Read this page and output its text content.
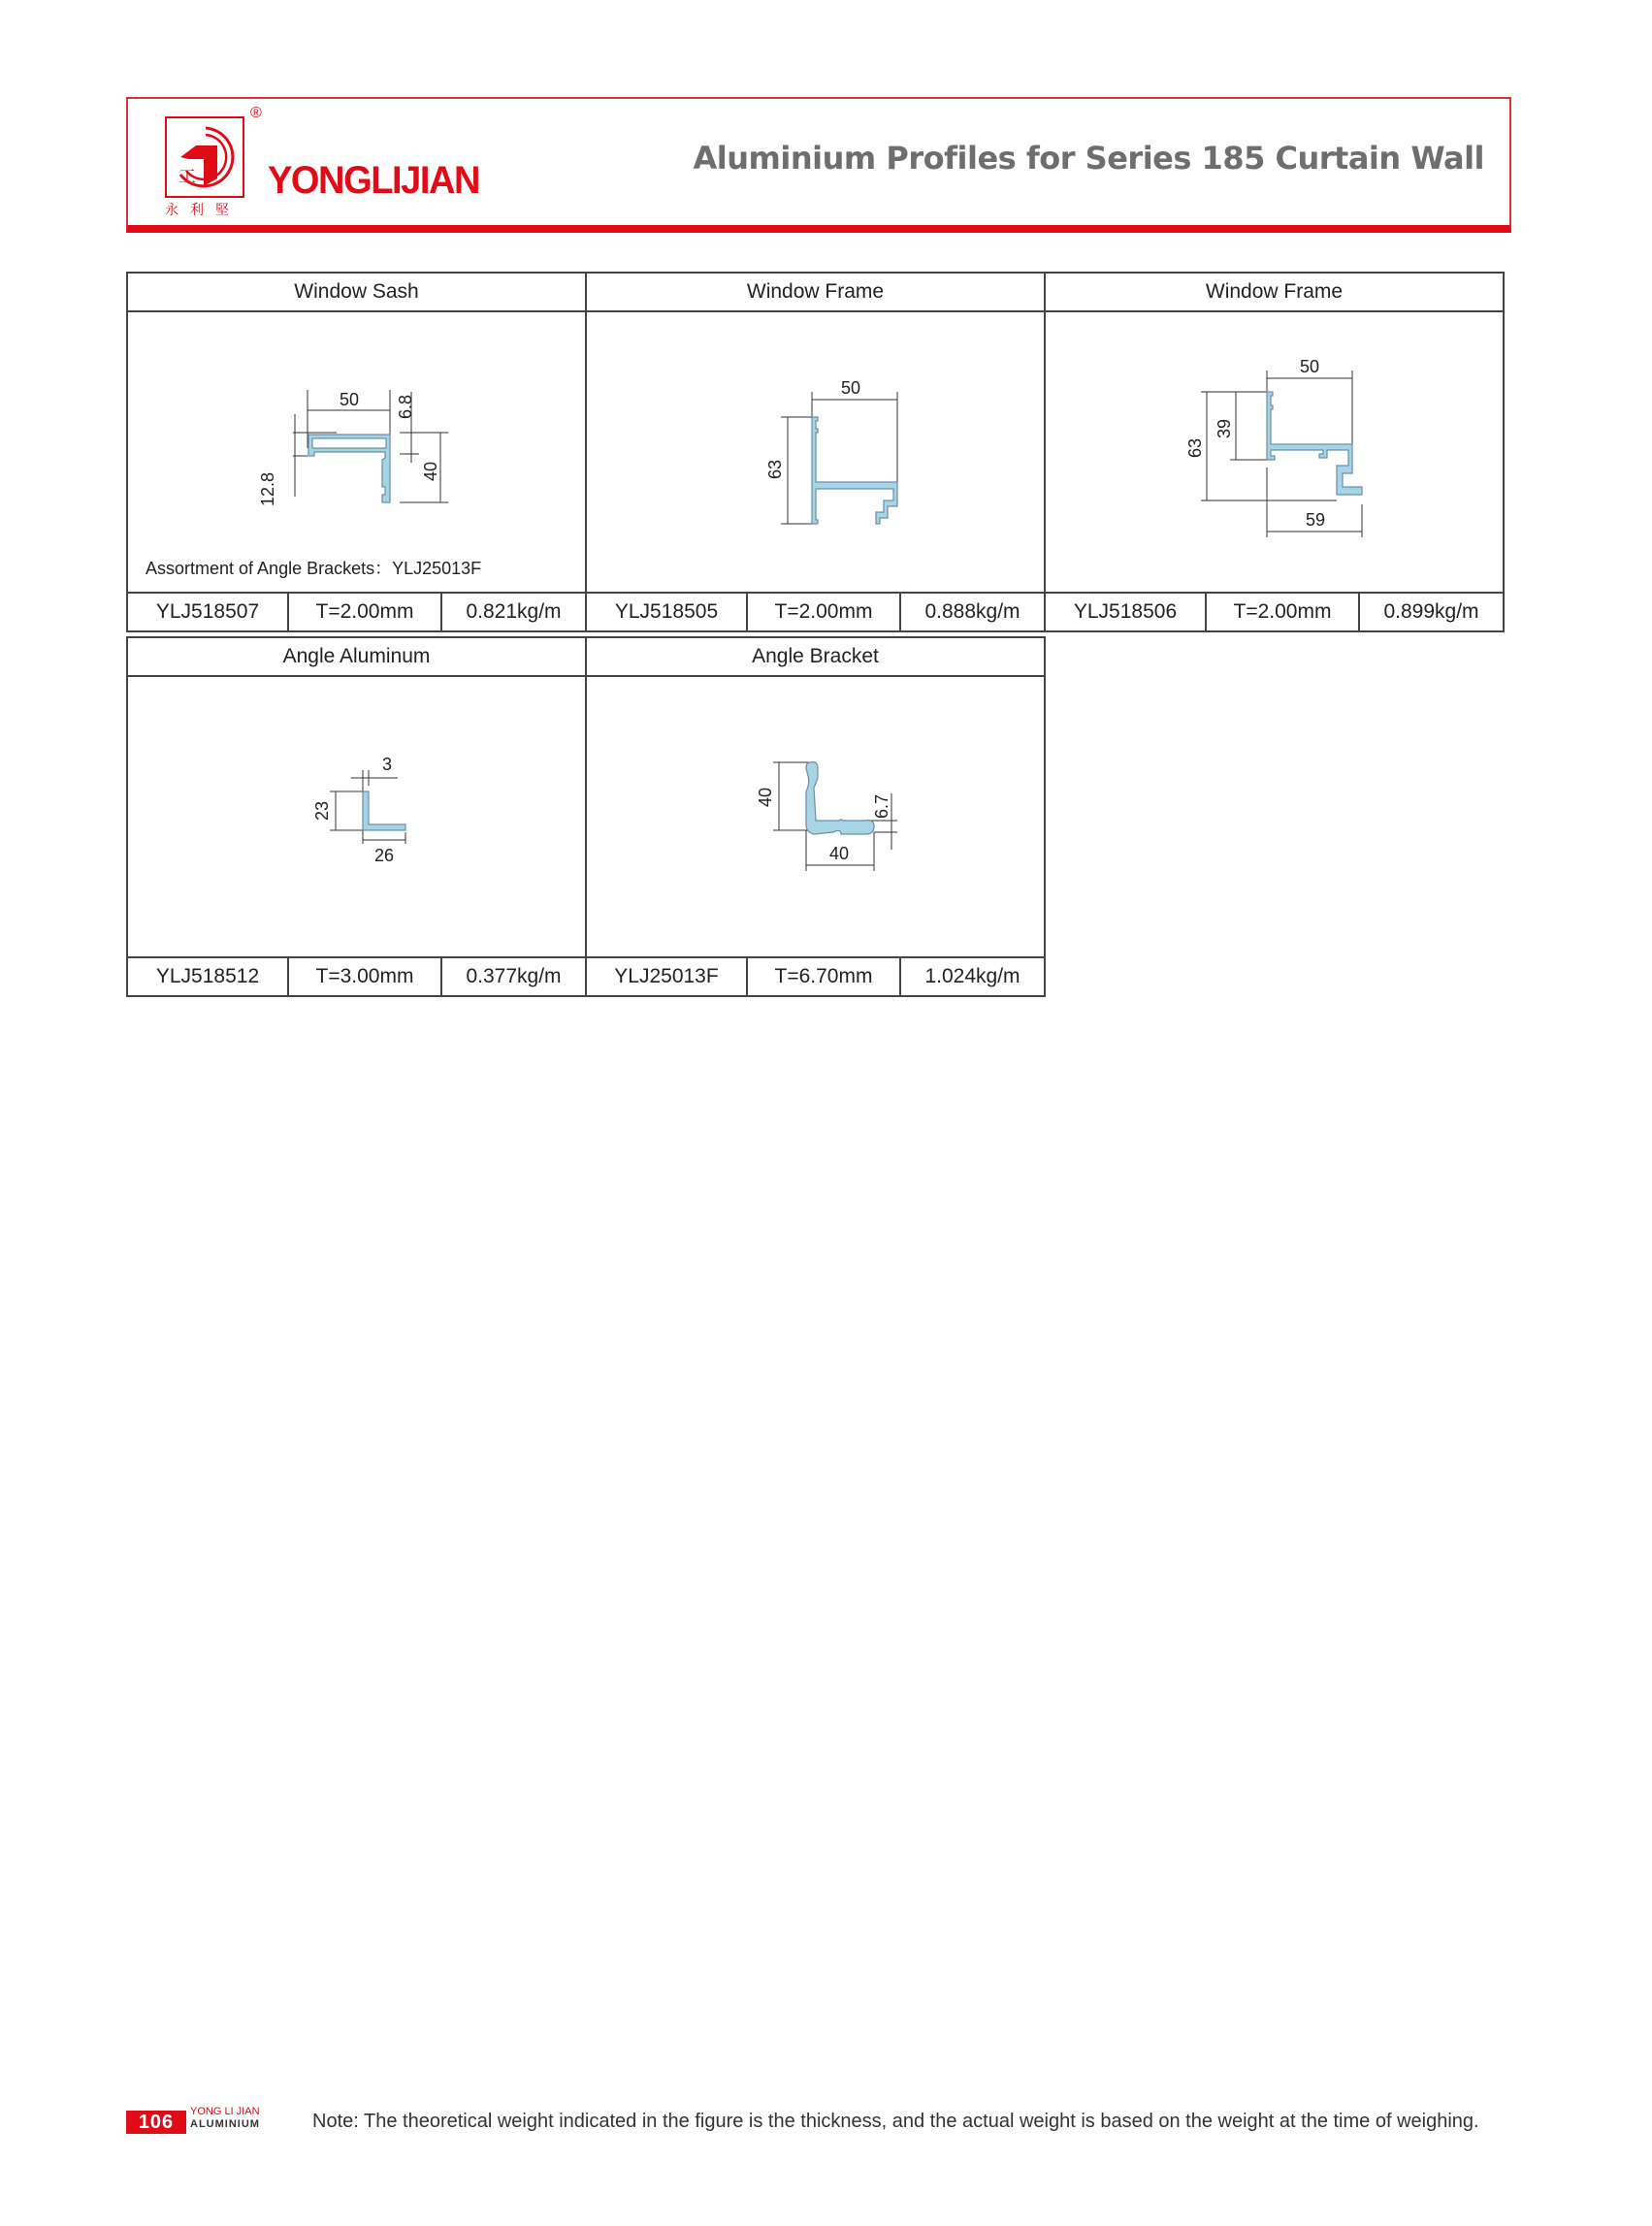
工
®
永利堅
YONGLIJIAN
Aluminium Profiles for Series 185 Curtain Wall
Window Sash
50 6.8
40
12.8
Assortment of Angle Brackets：YLJ25013F
YLJ518507	T=2.00mm	0.821kg/m
Window Frame
50
63
YLJ518505	T=2.00mm	0.888kg/m
Window Frame
50
63
39
59
YLJ518506	T=2.00mm	0.899kg/m
Angle Aluminum
3
23
26
YLJ518512	T=3.00mm	0.377kg/m
Angle Bracket
40	6.7
40
YLJ25013F	T=6.70mm	1.024kg/m
106	YONG LI JIAN
ALUMINIUM	Note: The theoretical weight indicated in the figure is the thickness, and the actual weight is based on the weight at the time of weighing.
